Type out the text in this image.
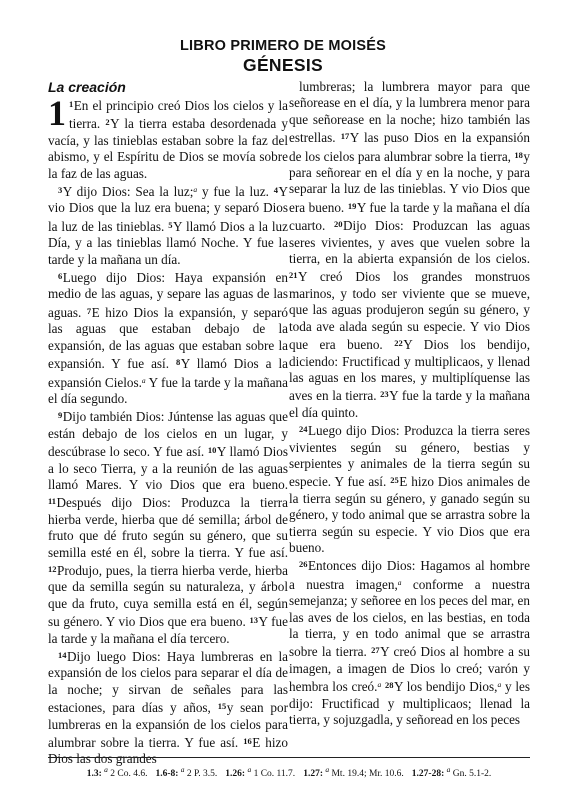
LIBRO PRIMERO DE MOISÉS
GÉNESIS
La creación

1 $^1$En el principio creó Dios los cielos y la tierra. $^2$Y la tierra estaba desordenada y vacía, y las tinieblas estaban sobre la faz del abismo, y el Espíritu de Dios se movía sobre la faz de las aguas.

$^3$Y dijo Dios: Sea la luz;$^a$ y fue la luz. $^4$Y vio Dios que la luz era buena; y separó Dios la luz de las tinieblas. $^5$Y llamó Dios a la luz Día, y a las tinieblas llamó Noche. Y fue la tarde y la mañana un día.

$^6$Luego dijo Dios: Haya expansión en medio de las aguas, y separe las aguas de las aguas. $^7$E hizo Dios la expansión, y separó las aguas que estaban debajo de la expansión, de las aguas que estaban sobre la expansión. Y fue así. $^8$Y llamó Dios a la expansión Cielos.$^a$ Y fue la tarde y la mañana el día segundo.

$^9$Dijo también Dios: Júntense las aguas que están debajo de los cielos en un lugar, y descúbrase lo seco. Y fue así. $^{10}$Y llamó Dios a lo seco Tierra, y a la reunión de las aguas llamó Mares. Y vio Dios que era bueno. $^{11}$Después dijo Dios: Produzca la tierra hierba verde, hierba que dé semilla; árbol de fruto que dé fruto según su género, que su semilla esté en él, sobre la tierra. Y fue así. $^{12}$Produjo, pues, la tierra hierba verde, hierba que da semilla según su naturaleza, y árbol que da fruto, cuya semilla está en él, según su género. Y vio Dios que era bueno. $^{13}$Y fue la tarde y la mañana el día tercero.

$^{14}$Dijo luego Dios: Haya lumbreras en la expansión de los cielos para separar el día de la noche; y sirvan de señales para las estaciones, para días y años, $^{15}$y sean por lumbreras en la expansión de los cielos para alumbrar sobre la tierra. Y fue así. $^{16}$E hizo Dios las dos grandes

lumbreras; la lumbrera mayor para que señorease en el día, y la lumbrera menor para que señorease en la noche; hizo también las estrellas. $^{17}$Y las puso Dios en la expansión de los cielos para alumbrar sobre la tierra, $^{18}$y para señorear en el día y en la noche, y para separar la luz de las tinieblas. Y vio Dios que era bueno. $^{19}$Y fue la tarde y la mañana el día cuarto. $^{20}$Dijo Dios: Produzcan las aguas seres vivientes, y aves que vuelen sobre la tierra, en la abierta expansión de los cielos. $^{21}$Y creó Dios los grandes monstruos marinos, y todo ser viviente que se mueve, que las aguas produjeron según su género, y toda ave alada según su especie. Y vio Dios que era bueno. $^{22}$Y Dios los bendijo, diciendo: Fructificad y multiplicaos, y llenad las aguas en los mares, y multiplíquense las aves en la tierra. $^{23}$Y fue la tarde y la mañana el día quinto.

$^{24}$Luego dijo Dios: Produzca la tierra seres vivientes según su género, bestias y serpientes y animales de la tierra según su especie. Y fue así. $^{25}$E hizo Dios animales de la tierra según su género, y ganado según su género, y todo animal que se arrastra sobre la tierra según su especie. Y vio Dios que era bueno.

$^{26}$Entonces dijo Dios: Hagamos al hombre a nuestra imagen,$^a$ conforme a nuestra semejanza; y señoree en los peces del mar, en las aves de los cielos, en las bestias, en toda la tierra, y en todo animal que se arrastra sobre la tierra. $^{27}$Y creó Dios al hombre a su imagen, a imagen de Dios lo creó; varón y hembra los creó.$^a$ $^{28}$Y los bendijo Dios,$^a$ y les dijo: Fructificad y multiplicaos; llenad la tierra, y sojuzgadla, y señoread en los peces

1.3: $^a$ 2 Co. 4.6. 1.6-8: $^a$ 2 P. 3.5. 1.26: $^a$ 1 Co. 11.7. 1.27: $^a$ Mt. 19.4; Mr. 10.6. 1.27-28: $^a$ Gn. 5.1-2.
